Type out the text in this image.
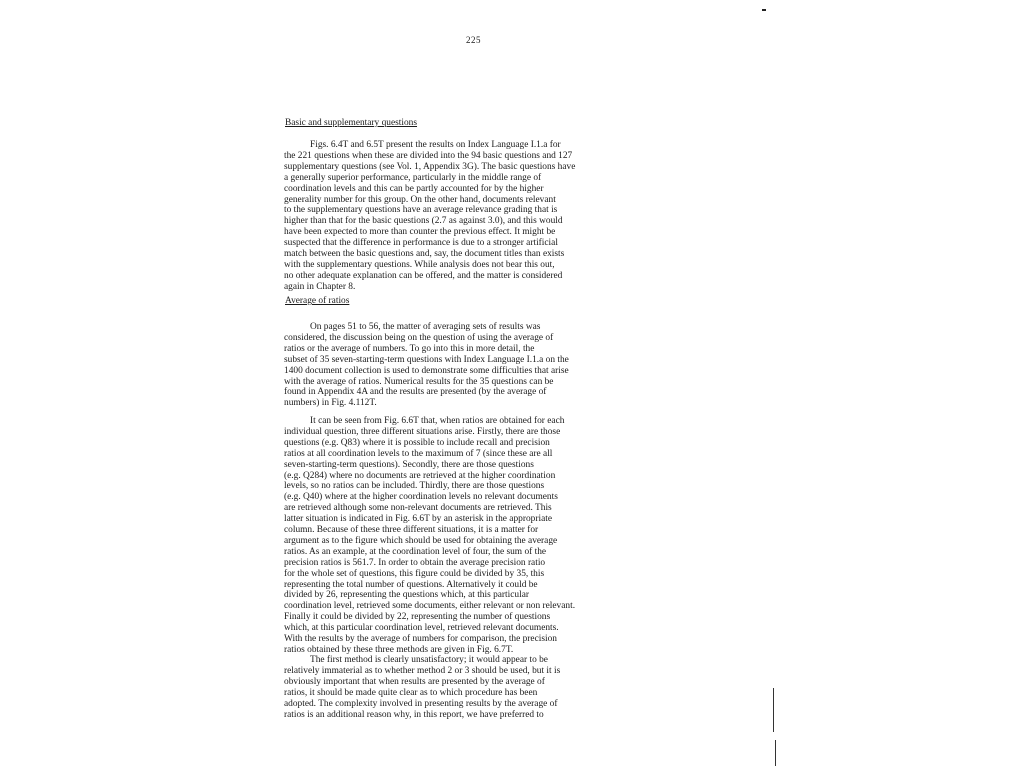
225
Basic and supplementary questions
Figs. 6.4T and 6.5T present the results on Index Language I.1.a for
the 221 questions when these are divided into the 94 basic questions and 127
supplementary questions (see Vol. 1, Appendix 3G). The basic questions have
a generally superior performance, particularly in the middle range of
coordination levels and this can be partly accounted for by the higher
generality number for this group. On the other hand, documents relevant
to the supplementary questions have an average relevance grading that is
higher than that for the basic questions (2.7 as against 3.0), and this would
have been expected to more than counter the previous effect. It might be
suspected that the difference in performance is due to a stronger artificial
match between the basic questions and, say, the document titles than exists
with the supplementary questions. While analysis does not bear this out,
no other adequate explanation can be offered, and the matter is considered
again in Chapter 8.
Average of ratios
On pages 51 to 56, the matter of averaging sets of results was
considered, the discussion being on the question of using the average of
ratios or the average of numbers. To go into this in more detail, the
subset of 35 seven-starting-term questions with Index Language I.1.a on the
1400 document collection is used to demonstrate some difficulties that arise
with the average of ratios. Numerical results for the 35 questions can be
found in Appendix 4A and the results are presented (by the average of
numbers) in Fig. 4.112T.
It can be seen from Fig. 6.6T that, when ratios are obtained for each
individual question, three different situations arise. Firstly, there are those
questions (e.g. Q83) where it is possible to include recall and precision
ratios at all coordination levels to the maximum of 7 (since these are all
seven-starting-term questions). Secondly, there are those questions
(e.g. Q284) where no documents are retrieved at the higher coordination
levels, so no ratios can be included. Thirdly, there are those questions
(e.g. Q40) where at the higher coordination levels no relevant documents
are retrieved although some non-relevant documents are retrieved. This
latter situation is indicated in Fig. 6.6T by an asterisk in the appropriate
column. Because of these three different situations, it is a matter for
argument as to the figure which should be used for obtaining the average
ratios. As an example, at the coordination level of four, the sum of the
precision ratios is 561.7. In order to obtain the average precision ratio
for the whole set of questions, this figure could be divided by 35, this
representing the total number of questions. Alternatively it could be
divided by 26, representing the questions which, at this particular
coordination level, retrieved some documents, either relevant or non relevant.
Finally it could be divided by 22, representing the number of questions
which, at this particular coordination level, retrieved relevant documents.
With the results by the average of numbers for comparison, the precision
ratios obtained by these three methods are given in Fig. 6.7T.
The first method is clearly unsatisfactory; it would appear to be
relatively immaterial as to whether method 2 or 3 should be used, but it is
obviously important that when results are presented by the average of
ratios, it should be made quite clear as to which procedure has been
adopted. The complexity involved in presenting results by the average of
ratios is an additional reason why, in this report, we have preferred to
